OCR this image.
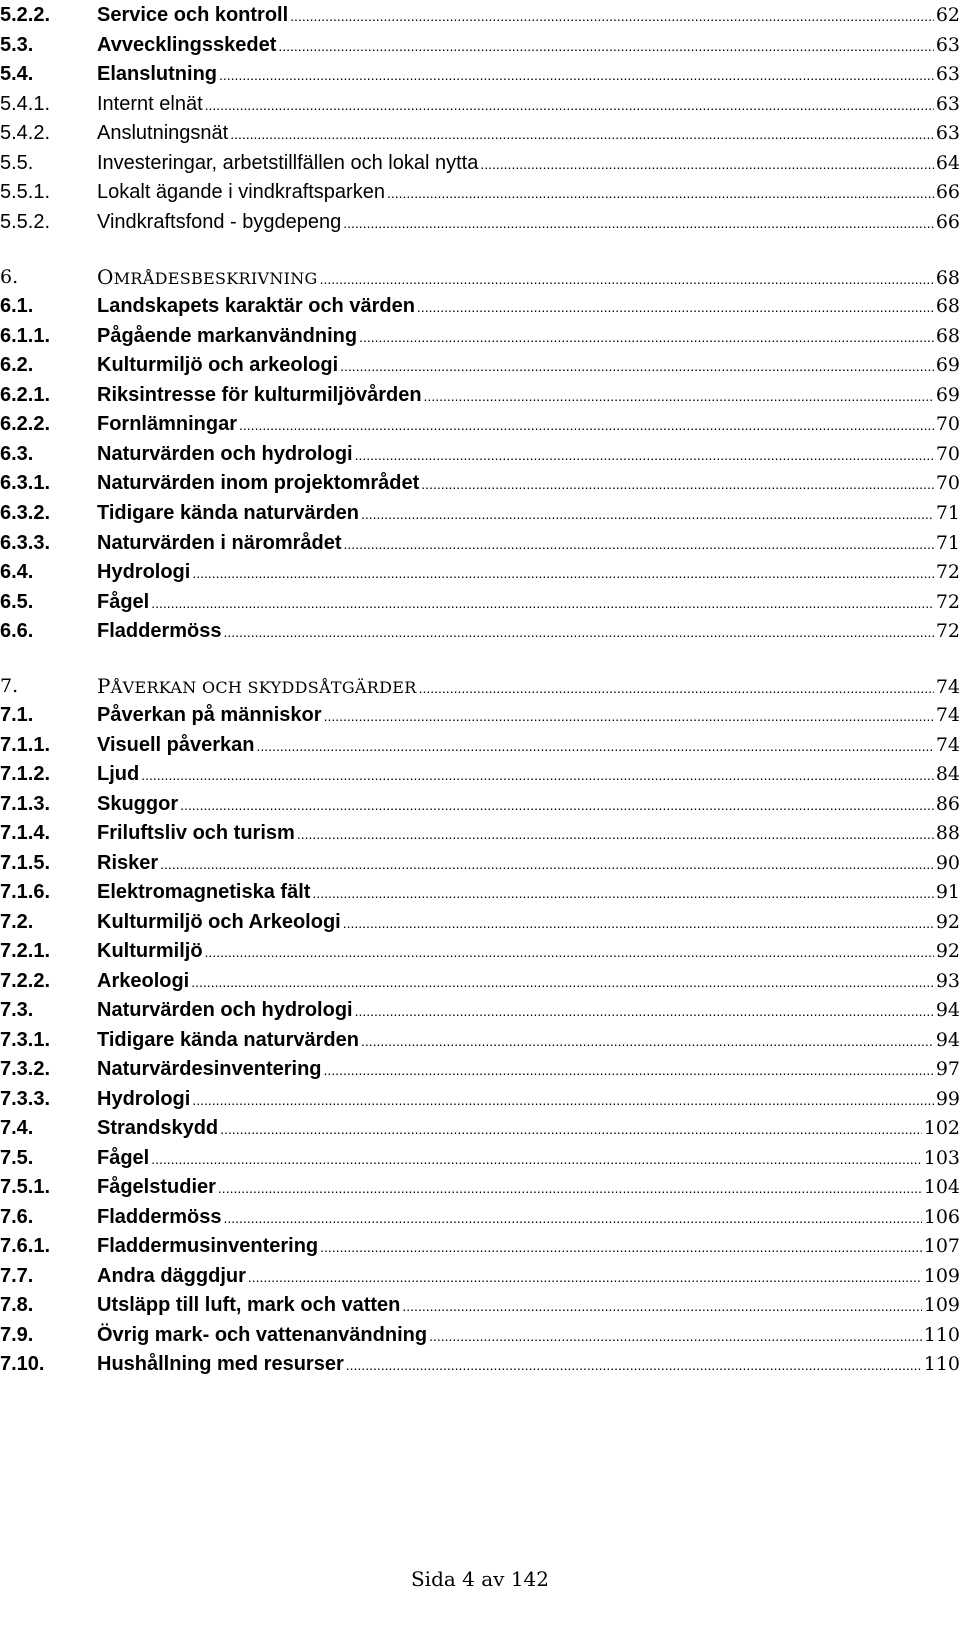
5.2.2. Service och kontroll .....	62
5.3.	Avvecklingsskedet .....	63
5.4.	Elanslutning .....	63
5.4.1. Internt elnät .....	63
5.4.2. Anslutningsnät .....	63
5.5.	Investeringar, arbetstillfällen och lokal nytta .....	64
5.5.1. Lokalt ägande i vindkraftsparken .....	66
5.5.2. Vindkraftsfond - bygdepeng .....	66
6.	OMRÅDESBESKRIVNING .....	68
6.1.	Landskapets karaktär och värden .....	68
6.1.1. Pågående markanvändning .....	68
6.2.	Kulturmiljö och arkeologi .....	69
6.2.1. Riksintresse för kulturmiljövården .....	69
6.2.2. Fornlämningar .....	70
6.3.	Naturvärden och hydrologi .....	70
6.3.1. Naturvärden inom projektområdet .....	70
6.3.2. Tidigare kända naturvärden .....	71
6.3.3. Naturvärden i närområdet .....	71
6.4.	Hydrologi .....	72
6.5.	Fågel .....	72
6.6.	Fladdermöss .....	72
7.	PÅVERKAN OCH SKYDDSÅTGÄRDER .....	74
7.1.	Påverkan på människor .....	74
7.1.1. Visuell påverkan .....	74
7.1.2. Ljud .....	84
7.1.3. Skuggor .....	86
7.1.4. Friluftsliv och turism .....	88
7.1.5. Risker .....	90
7.1.6. Elektromagnetiska fält .....	91
7.2.	Kulturmiljö och Arkeologi .....	92
7.2.1. Kulturmiljö .....	92
7.2.2. Arkeologi .....	93
7.3.	Naturvärden och hydrologi .....	94
7.3.1. Tidigare kända naturvärden .....	94
7.3.2. Naturvärdesinventering .....	97
7.3.3. Hydrologi .....	99
7.4.	Strandskydd .....	102
7.5.	Fågel .....	103
7.5.1. Fågelstudier .....	104
7.6.	Fladdermöss .....	106
7.6.1. Fladdermusinventering .....	107
7.7.	Andra däggdjur .....	109
7.8.	Utsläpp till luft, mark och vatten .....	109
7.9.	Övrig mark- och vattenanvändning .....	110
7.10.	Hushållning med resurser .....	110
Sida 4 av 142
